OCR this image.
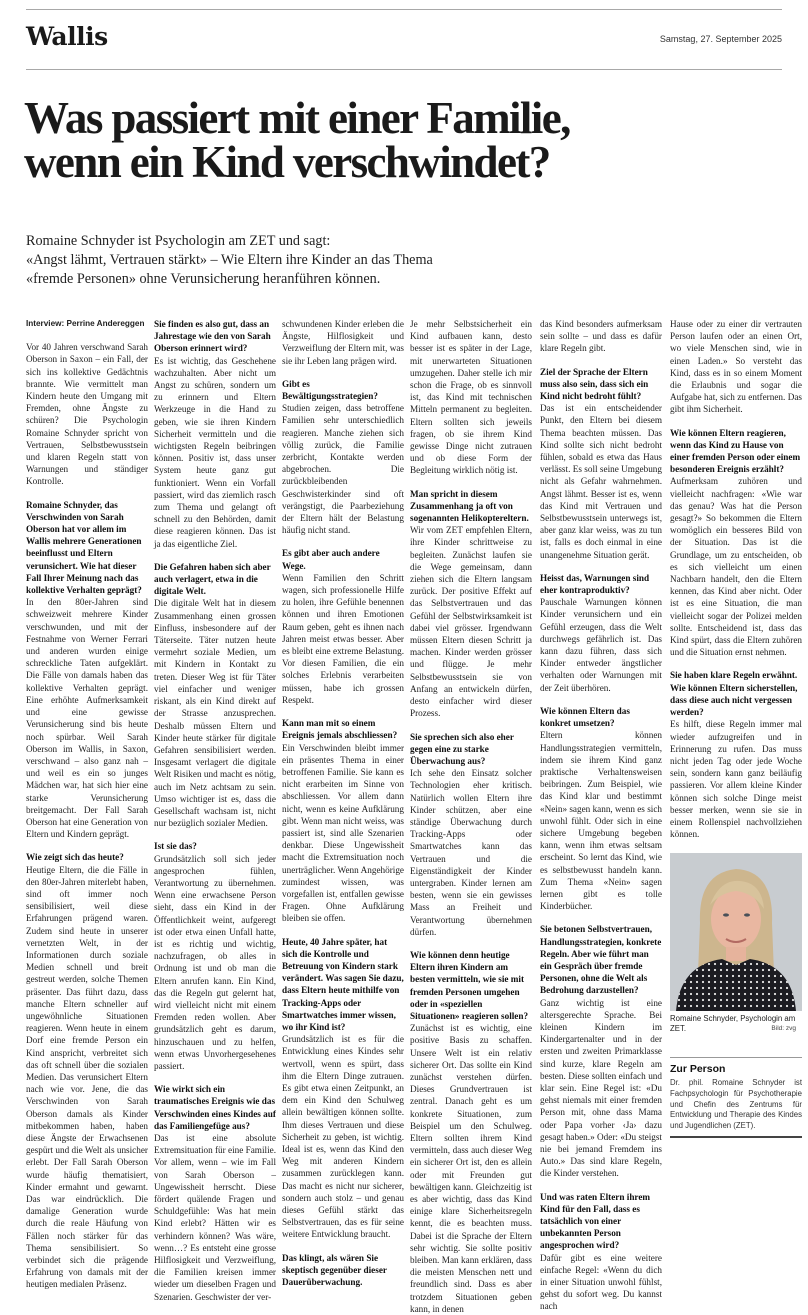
Wallis	Samstag, 27. September 2025
Was passiert mit einer Familie, wenn ein Kind verschwindet?

Romaine Schnyder ist Psychologin am ZET und sagt:

«Angst lähmt, Vertrauen stärkt» – Wie Eltern ihre Kinder an das Thema

«fremde Personen» ohne Verunsicherung heranführen können.

Interview: Perrine Andereggen

Vor 40 Jahren verschwand Sarah Oberson in Saxon – ein Fall, der sich ins kollektive Gedächtnis brannte. Wie vermittelt man Kindern heute den Umgang mit Fremden, ohne Ängste zu schüren? Die Psychologin Romaine Schnyder spricht von Vertrauen, Selbstbewusstsein und klaren Regeln statt von Warnungen und ständiger Kontrolle.

Romaine Schnyder, das Verschwinden von Sarah Oberson hat vor allem im Wallis mehrere Generationen beeinflusst und Eltern verunsichert. Wie hat dieser Fall Ihrer Meinung nach das kollektive Verhalten geprägt?

In den 80er-Jahren sind schweizweit mehrere Kinder verschwunden, und mit der Festnahme von Werner Ferrari und anderen wurden einige schreckliche Taten aufgeklärt. Die Fälle von damals haben das kollektive Verhalten geprägt. Eine erhöhte Aufmerksamkeit und eine gewisse Verunsicherung sind bis heute noch spürbar. Weil Sarah Oberson im Wallis, in Saxon, verschwand – also ganz nah – und weil es ein so junges Mädchen war, hat sich hier eine starke Verunsicherung breitgemacht. Der Fall Sarah Oberson hat eine Generation von Eltern und Kindern geprägt.

Wie zeigt sich das heute?

Heutige Eltern, die die Fälle in den 80er-Jahren miterlebt haben, sind oft immer noch sensibilisiert, weil diese Erfahrungen prägend waren. Zudem sind heute in unserer vernetzten Welt, in der Informationen durch soziale Medien schnell und breit gestreut werden, solche Themen präsenter. Das führt dazu, dass manche Eltern schneller auf ungewöhnliche Situationen reagieren. Wenn heute in einem Dorf eine fremde Person ein Kind anspricht, verbreitet sich das oft schnell über die sozialen Medien. Das verunsichert Eltern nach wie vor. Jene, die das Verschwinden von Sarah Oberson damals als Kinder mitbekommen haben, haben diese Ängste der Erwachsenen gespürt und die Welt als unsicher erlebt. Der Fall Sarah Oberson wurde häufig thematisiert, Kinder ermahnt und gewarnt. Das war eindrücklich. Die damalige Generation wurde durch die reale Häufung von Fällen noch stärker für das Thema sensibilisiert. So verbindet sich die prägende Erfahrung von damals mit der heutigen medialen Präsenz.

Sie finden es also gut, dass an Jahrestage wie den von Sarah Oberson erinnert wird?

Es ist wichtig, das Geschehene wachzuhalten. Aber nicht um Angst zu schüren, sondern um zu erinnern und Eltern Werkzeuge in die Hand zu geben, wie sie ihren Kindern Sicherheit vermitteln und die wichtigsten Regeln beibringen können. Positiv ist, dass unser System heute ganz gut funktioniert. Wenn ein Vorfall passiert, wird das ziemlich rasch zum Thema und gelangt oft schnell zu den Behörden, damit diese reagieren können. Das ist ja das eigentliche Ziel.

Die Gefahren haben sich aber auch verlagert, etwa in die digitale Welt.

Die digitale Welt hat in diesem Zusammenhang einen grossen Einfluss, insbesondere auf der Täterseite. Täter nutzen heute vermehrt soziale Medien, um mit Kindern in Kontakt zu treten. Dieser Weg ist für Täter viel einfacher und weniger riskant, als ein Kind direkt auf der Strasse anzusprechen. Deshalb müssen Eltern und Kinder heute stärker für digitale Gefahren sensibilisiert werden. Insgesamt verlagert die digitale Welt Risiken und macht es nötig, auch im Netz achtsam zu sein. Umso wichtiger ist es, dass die Gesellschaft wachsam ist, nicht nur bezüglich sozialer Medien.

Ist sie das?

Grundsätzlich soll sich jeder angesprochen fühlen, Verantwortung zu übernehmen. Wenn eine erwachsene Person sieht, dass ein Kind in der Öffentlichkeit weint, aufgeregt ist oder etwa einen Unfall hatte, ist es richtig und wichtig, nachzufragen, ob alles in Ordnung ist und ob man die Eltern anrufen kann. Ein Kind, das die Regeln gut gelernt hat, wird vielleicht nicht mit einem Fremden reden wollen. Aber grundsätzlich geht es darum, hinzuschauen und zu helfen, wenn etwas Unvorhergesehenes passiert.

Wie wirkt sich ein traumatisches Ereignis wie das Verschwinden eines Kindes auf das Familiengefüge aus?

Das ist eine absolute Extremsituation für eine Familie. Vor allem, wenn – wie im Fall von Sarah Oberson – Ungewissheit herrscht. Diese fördert quälende Fragen und Schuldgefühle: Was hat mein Kind erlebt? Hätten wir es verhindern können? Was wäre, wenn…? Es entsteht eine grosse Hilflosigkeit und Verzweiflung, die Familien kreisen immer wieder um dieselben Fragen und Szenarien. Geschwister der ver-

schwundenen Kinder erleben die Ängste, Hilflosigkeit und Verzweiflung der Eltern mit, was sie ihr Leben lang prägen wird.

Gibt es Bewältigungsstrategien?

Studien zeigen, dass betroffene Familien sehr unterschiedlich reagieren. Manche ziehen sich völlig zurück, die Familie zerbricht, Kontakte werden abgebrochen. Die zurückbleibenden Geschwisterkinder sind oft verängstigt, die Paarbeziehung der Eltern hält der Belastung häufig nicht stand.

Es gibt aber auch andere Wege.

Wenn Familien den Schritt wagen, sich professionelle Hilfe zu holen, ihre Gefühle benennen können und ihren Emotionen Raum geben, geht es ihnen nach Jahren meist etwas besser. Aber es bleibt eine extreme Belastung. Vor diesen Familien, die ein solches Erlebnis verarbeiten müssen, habe ich grossen Respekt.

Kann man mit so einem Ereignis jemals abschliessen?

Ein Verschwinden bleibt immer ein präsentes Thema in einer betroffenen Familie. Sie kann es nicht erarbeiten im Sinne von abschliessen. Vor allem dann nicht, wenn es keine Aufklärung gibt. Wenn man nicht weiss, was passiert ist, sind alle Szenarien denkbar. Diese Ungewissheit macht die Extremsituation noch unerträglicher. Wenn Angehörige zumindest wissen, was vorgefallen ist, entfallen gewisse Fragen. Ohne Aufklärung bleiben sie offen.

Heute, 40 Jahre später, hat sich die Kontrolle und Betreuung von Kindern stark verändert. Was sagen Sie dazu, dass Eltern heute mithilfe von Tracking-Apps oder Smartwatches immer wissen, wo ihr Kind ist?

Grundsätzlich ist es für die Entwicklung eines Kindes sehr wertvoll, wenn es spürt, dass ihm die Eltern Dinge zutrauen. Es gibt etwa einen Zeitpunkt, an dem ein Kind den Schulweg allein bewältigen können sollte. Ihm dieses Vertrauen und diese Sicherheit zu geben, ist wichtig. Ideal ist es, wenn das Kind den Weg mit anderen Kindern zusammen zurücklegen kann. Das macht es nicht nur sicherer, sondern auch stolz – und genau dieses Gefühl stärkt das Selbstvertrauen, das es für seine weitere Entwicklung braucht.

Das klingt, als wären Sie skeptisch gegenüber dieser Dauerüberwachung.

Je mehr Selbstsicherheit ein Kind aufbauen kann, desto besser ist es später in der Lage, mit unerwarteten Situationen umzugehen. Daher stelle ich mir schon die Frage, ob es sinnvoll ist, das Kind mit technischen Mitteln permanent zu begleiten. Eltern sollten sich jeweils fragen, ob sie ihrem Kind gewisse Dinge nicht zutrauen und ob diese Form der Begleitung wirklich nötig ist.

Man spricht in diesem Zusammenhang ja oft von sogenannten Helikoptereltern.

Wir vom ZET empfehlen Eltern, ihre Kinder schrittweise zu begleiten. Zunächst laufen sie die Wege gemeinsam, dann ziehen sich die Eltern langsam zurück. Der positive Effekt auf das Selbstvertrauen und das Gefühl der Selbstwirksamkeit ist dabei viel grösser. Irgendwann müssen Eltern diesen Schritt ja machen. Kinder werden grösser und flügge. Je mehr Selbstbewusstsein sie von Anfang an entwickeln dürfen, desto einfacher wird dieser Prozess.

Sie sprechen sich also eher gegen eine zu starke Überwachung aus?

Ich sehe den Einsatz solcher Technologien eher kritisch. Natürlich wollen Eltern ihre Kinder schützen, aber eine ständige Überwachung durch Tracking-Apps oder Smartwatches kann das Vertrauen und die Eigenständigkeit der Kinder untergraben. Kinder lernen am besten, wenn sie ein gewisses Mass an Freiheit und Verantwortung übernehmen dürfen.

Wie können denn heutige Eltern ihren Kindern am besten vermitteln, wie sie mit fremden Personen umgehen oder in «speziellen Situationen» reagieren sollen?

Zunächst ist es wichtig, eine positive Basis zu schaffen. Unsere Welt ist ein relativ sicherer Ort. Das sollte ein Kind zunächst verstehen dürfen. Dieses Grundvertrauen ist zentral. Danach geht es um konkrete Situationen, zum Beispiel um den Schulweg. Eltern sollten ihrem Kind vermitteln, dass auch dieser Weg ein sicherer Ort ist, den es allein oder mit Freunden gut bewältigen kann. Gleichzeitig ist es aber wichtig, dass das Kind einige klare Sicherheitsregeln kennt, die es beachten muss. Dabei ist die Sprache der Eltern sehr wichtig. Sie sollte positiv bleiben. Man kann erklären, dass die meisten Menschen nett und freundlich sind. Dass es aber trotzdem Situationen geben kann, in denen

das Kind besonders aufmerksam sein sollte – und dass es dafür klare Regeln gibt.

Ziel der Sprache der Eltern muss also sein, dass sich ein Kind nicht bedroht fühlt?

Das ist ein entscheidender Punkt, den Eltern bei diesem Thema beachten müssen. Das Kind sollte sich nicht bedroht fühlen, sobald es etwa das Haus verlässt. Es soll seine Umgebung nicht als Gefahr wahrnehmen. Angst lähmt. Besser ist es, wenn das Kind mit Vertrauen und Selbstbewusstsein unterwegs ist, aber ganz klar weiss, was zu tun ist, falls es doch einmal in eine unangenehme Situation gerät.

Heisst das, Warnungen sind eher kontraproduktiv?

Pauschale Warnungen können Kinder verunsichern und ein Gefühl erzeugen, dass die Welt durchwegs gefährlich ist. Das kann dazu führen, dass sich Kinder entweder ängstlicher verhalten oder Warnungen mit der Zeit überhören.

Wie können Eltern das konkret umsetzen?

Eltern können Handlungsstrategien vermitteln, indem sie ihrem Kind ganz praktische Verhaltensweisen beibringen. Zum Beispiel, wie das Kind klar und bestimmt «Nein» sagen kann, wenn es sich unwohl fühlt. Oder sich in eine sichere Umgebung begeben kann, wenn ihm etwas seltsam erscheint. So lernt das Kind, wie es selbstbewusst handeln kann. Zum Thema «Nein» sagen lernen gibt es tolle Kinderbücher.

Sie betonen Selbstvertrauen, Handlungsstrategien, konkrete Regeln. Aber wie führt man ein Gespräch über fremde Personen, ohne die Welt als Bedrohung darzustellen?

Ganz wichtig ist eine altersgerechte Sprache. Bei kleinen Kindern im Kindergartenalter und in der ersten und zweiten Primarklasse sind kurze, klare Regeln am besten. Diese sollten einfach und klar sein. Eine Regel ist: «Du gehst niemals mit einer fremden Person mit, ohne dass Mama oder Papa vorher ‹Ja› dazu gesagt haben.» Oder: «Du steigst nie bei jemand Fremdem ins Auto.» Das sind klare Regeln, die Kinder verstehen.

Und was raten Eltern ihrem Kind für den Fall, dass es tatsächlich von einer unbekannten Person angesprochen wird?

Dafür gibt es eine weitere einfache Regel: «Wenn du dich in einer Situation unwohl fühlst, gehst du sofort weg. Du kannst nach

Hause oder zu einer dir vertrauten Person laufen oder an einen Ort, wo viele Menschen sind, wie in einen Laden.» So versteht das Kind, dass es in so einem Moment die Erlaubnis und sogar die Aufgabe hat, sich zu entfernen. Das gibt ihm Sicherheit.

Wie können Eltern reagieren, wenn das Kind zu Hause von einer fremden Person oder einem besonderen Ereignis erzählt?

Aufmerksam zuhören und vielleicht nachfragen: «Wie war das genau? Was hat die Person gesagt?» So bekommen die Eltern womöglich ein besseres Bild von der Situation. Das ist die Grundlage, um zu entscheiden, ob es sich vielleicht um einen Nachbarn handelt, den die Eltern kennen, das Kind aber nicht. Oder ist es eine Situation, die man vielleicht sogar der Polizei melden sollte. Entscheidend ist, dass das Kind spürt, dass die Eltern zuhören und die Situation ernst nehmen.

Sie haben klare Regeln erwähnt. Wie können Eltern sicherstellen, dass diese auch nicht vergessen werden?

Es hilft, diese Regeln immer mal wieder aufzugreifen und in Erinnerung zu rufen. Das muss nicht jeden Tag oder jede Woche sein, sondern kann ganz beiläufig passieren. Vor allem kleine Kinder können sich solche Dinge meist besser merken, wenn sie sie in einem Rollenspiel nachvollziehen können.

Romaine Schnyder, Psychologin am ZET.	Bild: zvg
Zur Person

Dr. phil. Romaine Schnyder ist Fachpsychologin für Psychotherapie und Chefin des Zentrums für Entwicklung und Therapie des Kindes und Jugendlichen (ZET).
